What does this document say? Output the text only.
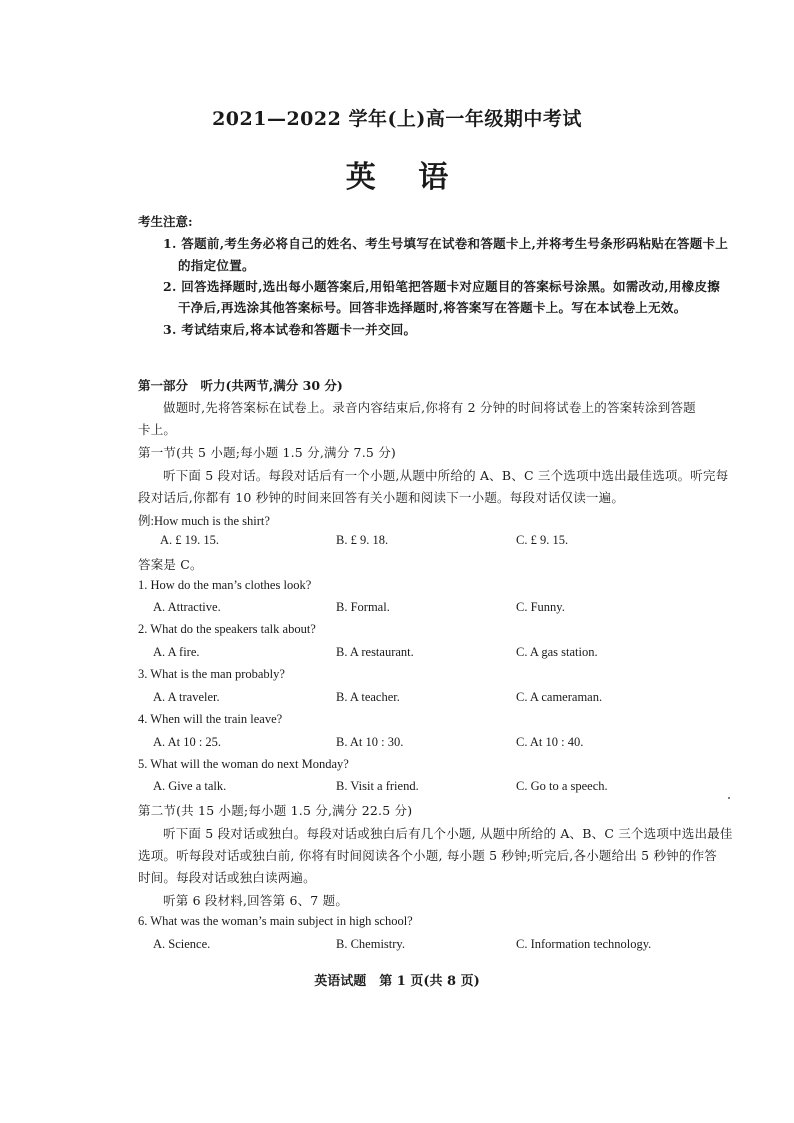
2021—2022 学年(上)高一年级期中考试
英 语
考生注意:
1. 答题前,考生务必将自己的姓名、考生号填写在试卷和答题卡上,并将考生号条形码粘贴在答题卡上
的指定位置。
2. 回答选择题时,选出每小题答案后,用铅笔把答题卡对应题目的答案标号涂黑。如需改动,用橡皮擦
干净后,再选涂其他答案标号。回答非选择题时,将答案写在答题卡上。写在本试卷上无效。
3. 考试结束后,将本试卷和答题卡一并交回。
第一部分　听力(共两节,满分 30 分)
做题时,先将答案标在试卷上。录音内容结束后,你将有 2 分钟的时间将试卷上的答案转涂到答题
卡上。
第一节(共 5 小题;每小题 1.5 分,满分 7.5 分)
听下面 5 段对话。每段对话后有一个小题,从题中所给的 A、B、C 三个选项中选出最佳选项。听完每
段对话后,你都有 10 秒钟的时间来回答有关小题和阅读下一小题。每段对话仅读一遍。
例:How much is the shirt?
A. £ 19. 15.	B. £ 9. 18.	C. £ 9. 15.
答案是 C。
1. How do the man’s clothes look?
A. Attractive.	B. Formal.	C. Funny.
2. What do the speakers talk about?
A. A fire.	B. A restaurant.	C. A gas station.
3. What is the man probably?
A. A traveler.	B. A teacher.	C. A cameraman.
4. When will the train leave?
A. At 10 : 25.	B. At 10 : 30.	C. At 10 : 40.
5. What will the woman do next Monday?
A. Give a talk.	B. Visit a friend.	C. Go to a speech.
第二节(共 15 小题;每小题 1.5 分,满分 22.5 分)
听下面 5 段对话或独白。每段对话或独白后有几个小题, 从题中所给的 A、B、C 三个选项中选出最佳
选项。听每段对话或独白前, 你将有时间阅读各个小题, 每小题 5 秒钟;听完后,各小题给出 5 秒钟的作答
时间。每段对话或独白读两遍。
听第 6 段材料,回答第 6、7 题。
6. What was the woman’s main subject in high school?
A. Science.	B. Chemistry.	C. Information technology.
英语试题　第 1 页(共 8 页)
